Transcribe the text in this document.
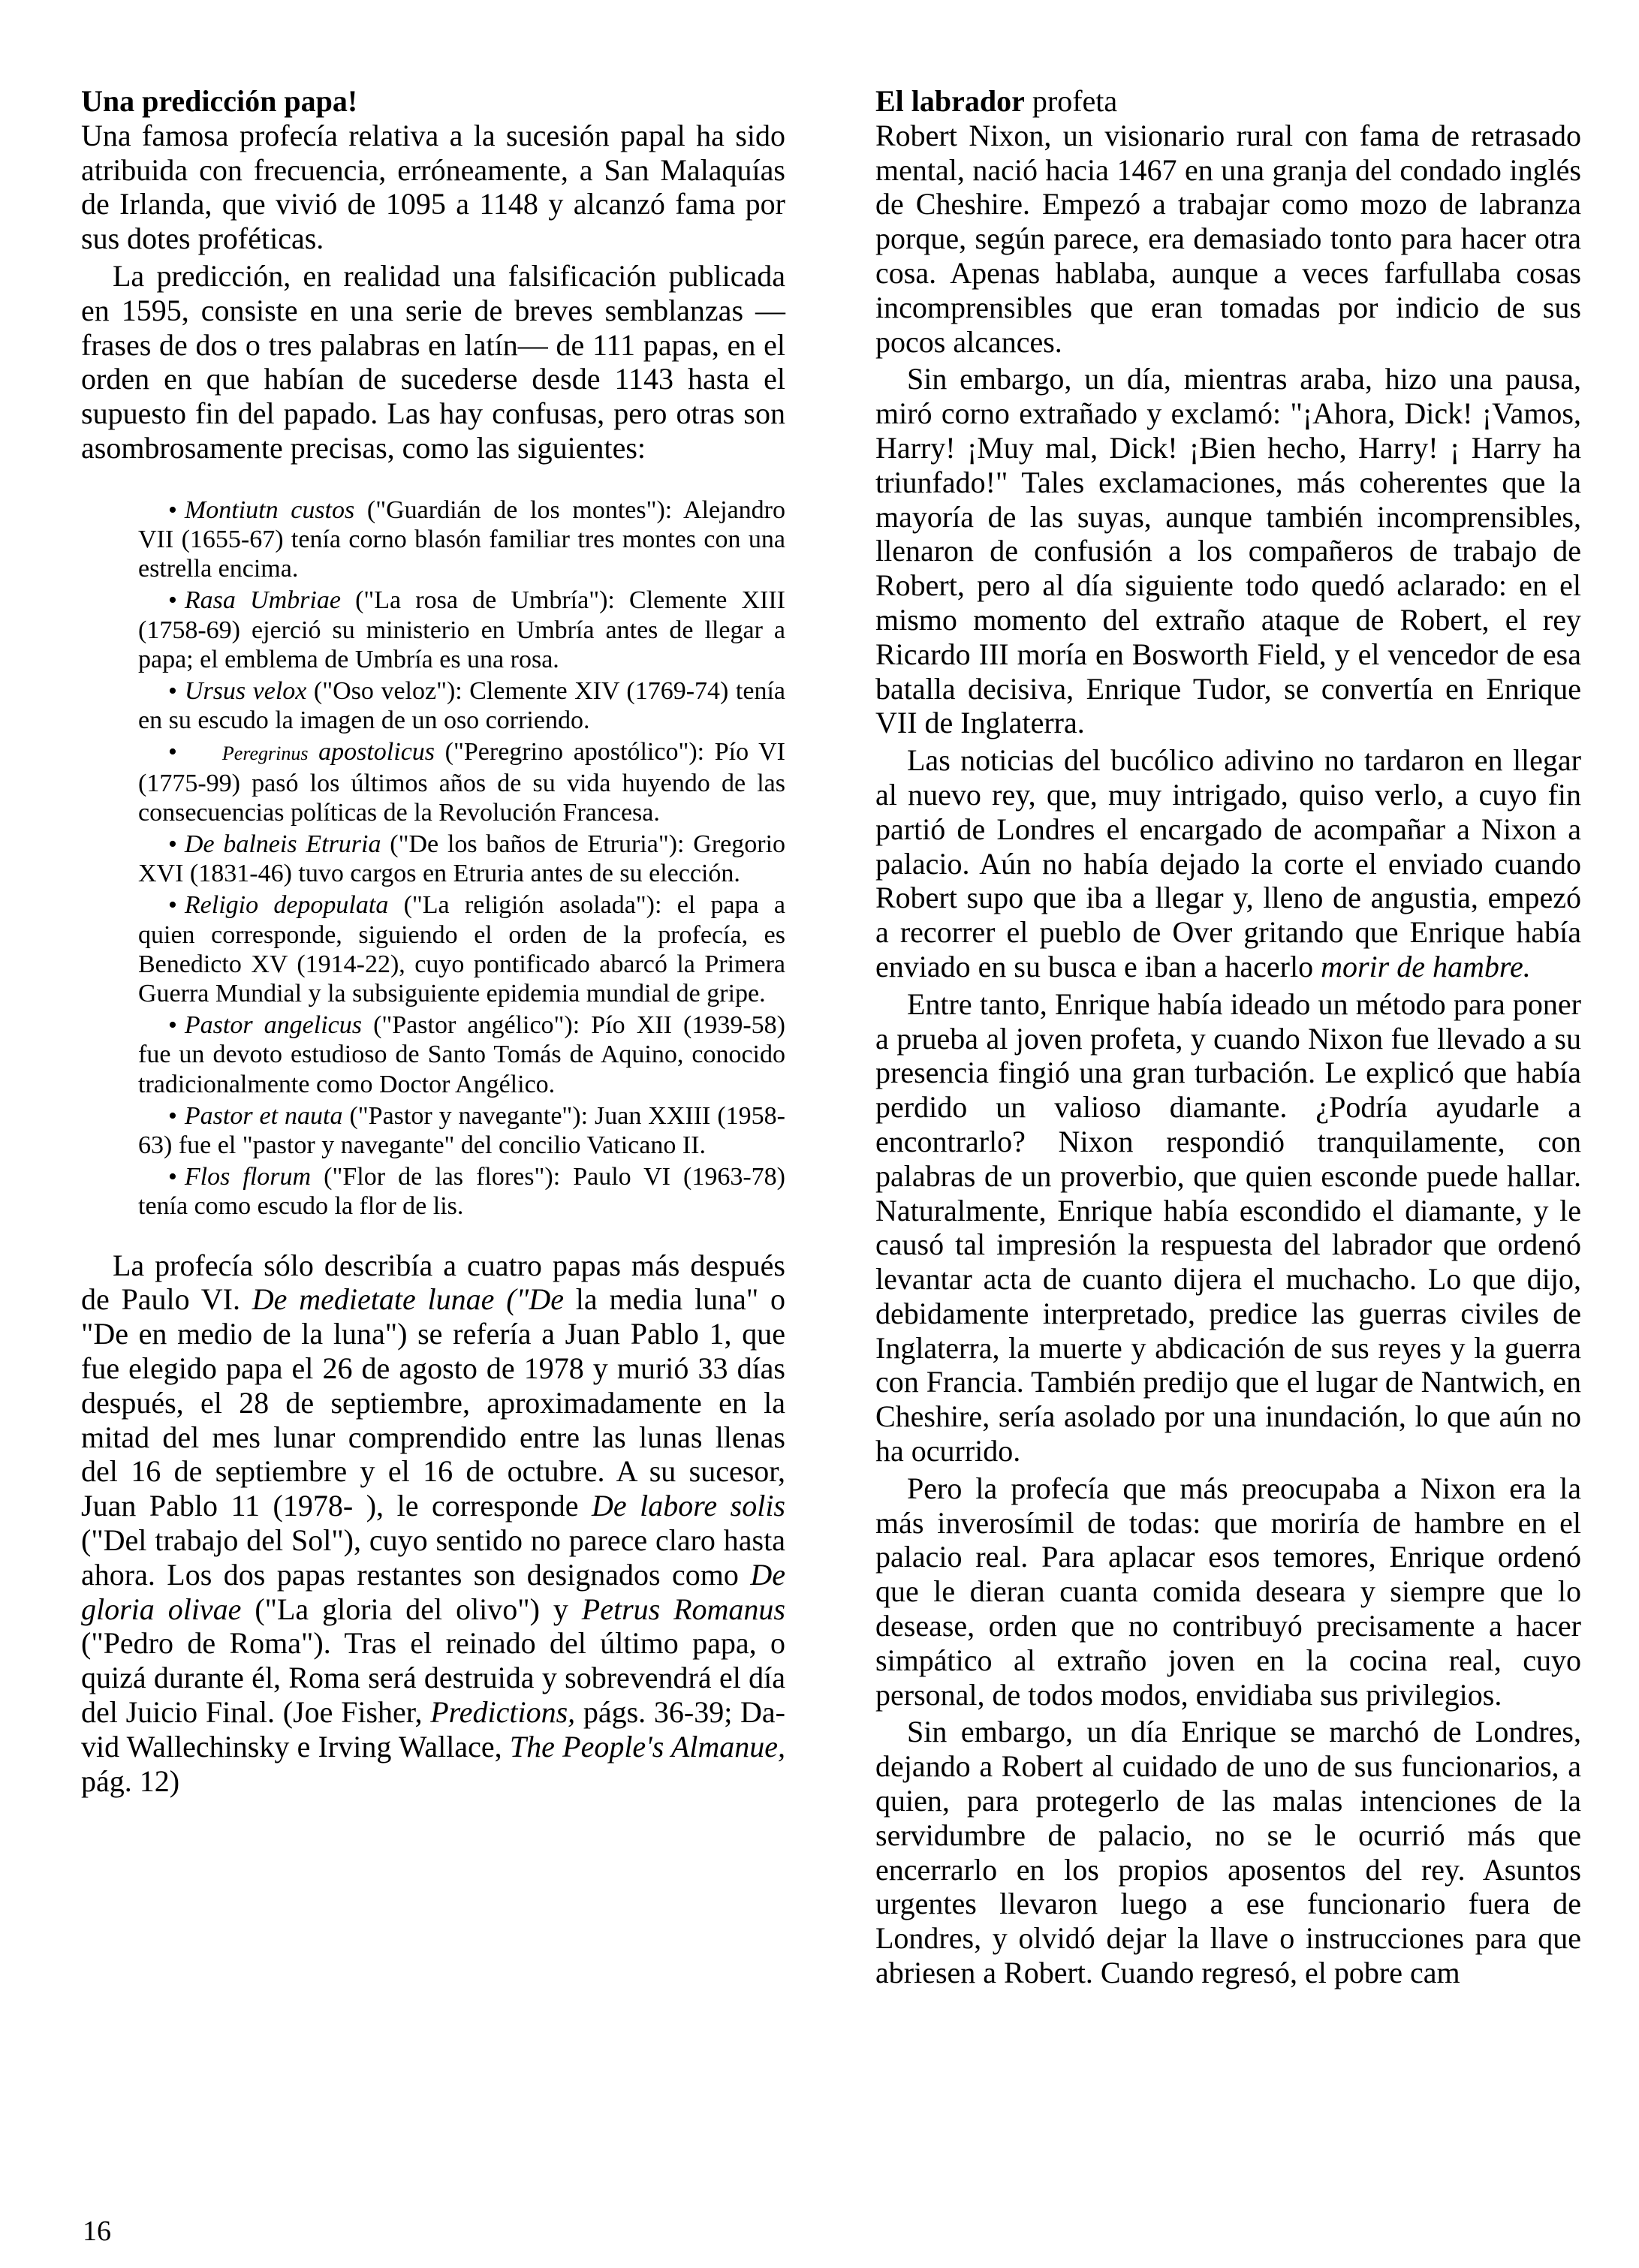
Una predicción papa!

Una famosa profecía relativa a la sucesión papal ha sido atribuida con frecuencia, erróneamente, a San Malaquías de Irlanda, que vivió de 1095 a 1148 y alcanzó fama por sus dotes proféticas.

La predicción, en realidad una falsificación publicada en 1595, consiste en una serie de breves semblanzas —frases de dos o tres palabras en latín— de 111 papas, en el orden en que habían de sucederse desde 1143 hasta el supuesto fin del papado. Las hay confusas, pero otras son asombrosamente precisas, como las siguientes:

• Montiutn custos ("Guardián de los montes"): Alejandro VII (1655-67) tenía corno blasón familiar tres montes con una estrella encima.
• Rasa Umbriae ("La rosa de Umbría"): Clemente XIII (1758-69) ejerció su ministerio en Umbría antes de llegar a papa; el emblema de Umbría es una rosa.
• Ursus velox ("Oso veloz"): Clemente XIV (1769-74) tenía en su escudo la imagen de un oso corriendo.
• Peregrinus apostolicus ("Peregrino apostólico"): Pío VI (1775-99) pasó los últimos años de su vida huyendo de las consecuencias políticas de la Revolución Francesa.
• De balneis Etruria ("De los baños de Etruria"): Gregorio XVI (1831-46) tuvo cargos en Etruria antes de su elección.
• Religio depopulata ("La religión asolada"): el papa a quien corresponde, siguiendo el orden de la profecía, es Benedicto XV (1914-22), cuyo pontificado abarcó la Primera Guerra Mundial y la subsiguiente epidemia mundial de gripe.
• Pastor angelicus ("Pastor angélico"): Pío XII (1939-58) fue un devoto estudioso de Santo Tomás de Aquino, conocido tradicionalmente como Doctor Angélico.
• Pastor et nauta ("Pastor y navegante"): Juan XXIII (1958-63) fue el "pastor y navegante" del concilio Vaticano II.
• Flos florum ("Flor de las flores"): Paulo VI (1963-78) tenía como escudo la flor de lis.

La profecía sólo describía a cuatro papas más después de Paulo VI. De medietate lunae ("De la media luna" o "De en medio de la luna") se refería a Juan Pablo 1, que fue elegido papa el 26 de agosto de 1978 y murió 33 días después, el 28 de septiembre, aproximadamente en la mitad del mes lunar comprendido entre las lunas llenas del 16 de septiembre y el 16 de octubre. A su sucesor, Juan Pablo 11 (1978- ), le corresponde De labore solis ("Del trabajo del Sol"), cuyo sentido no parece claro hasta ahora. Los dos papas restantes son designados como De gloria olivae ("La gloria del olivo") y Petrus Romanus ("Pedro de Roma"). Tras el reinado del último papa, o quizá durante él, Roma será destruida y sobrevendrá el día del Juicio Final. (Joe Fisher, Predictions, págs. 36-39; David Wallechinsky e Irving Wallace, The People's Almanue, pág. 12)

El labrador profeta

Robert Nixon, un visionario rural con fama de retrasado mental, nació hacia 1467 en una granja del condado inglés de Cheshire. Empezó a trabajar como mozo de labranza porque, según parece, era demasiado tonto para hacer otra cosa. Apenas hablaba, aunque a veces farfullaba cosas incomprensibles que eran tomadas por indicio de sus pocos alcances.

Sin embargo, un día, mientras araba, hizo una pausa, miró corno extrañado y exclamó: "¡Ahora, Dick! ¡Vamos, Harry! ¡Muy mal, Dick! ¡Bien hecho, Harry! ¡ Harry ha triunfado!" Tales exclamaciones, más coherentes que la mayoría de las suyas, aunque también incomprensibles, llenaron de confusión a los compañeros de trabajo de Robert, pero al día siguiente todo quedó aclarado: en el mismo momento del extraño ataque de Robert, el rey Ricardo III moría en Bosworth Field, y el vencedor de esa batalla decisiva, Enrique Tudor, se convertía en Enrique VII de Inglaterra.

Las noticias del bucólico adivino no tardaron en llegar al nuevo rey, que, muy intrigado, quiso verlo, a cuyo fin partió de Londres el encargado de acompañar a Nixon a palacio. Aún no había dejado la corte el enviado cuando Robert supo que iba a llegar y, lleno de angustia, empezó a recorrer el pueblo de Over gritando que Enrique había enviado en su busca e iban a hacerlo morir de hambre.

Entre tanto, Enrique había ideado un método para poner a prueba al joven profeta, y cuando Nixon fue llevado a su presencia fingió una gran turbación. Le explicó que había perdido un valioso diamante. ¿Podría ayudarle a encontrarlo? Nixon respondió tranquilamente, con palabras de un proverbio, que quien esconde puede hallar. Naturalmente, Enrique había escondido el diamante, y le causó tal impresión la respuesta del labrador que ordenó levantar acta de cuanto dijera el muchacho. Lo que dijo, debidamente interpretado, predice las guerras civiles de Inglaterra, la muerte y abdicación de sus reyes y la guerra con Francia. También predijo que el lugar de Nantwich, en Cheshire, sería asolado por una inundación, lo que aún no ha ocurrido.

Pero la profecía que más preocupaba a Nixon era la más inverosímil de todas: que moriría de hambre en el palacio real. Para aplacar esos temores, Enrique ordenó que le dieran cuanta comida deseara y siempre que lo desease, orden que no contribuyó precisamente a hacer simpático al extraño joven en la cocina real, cuyo personal, de todos modos, envidiaba sus privilegios.

Sin embargo, un día Enrique se marchó de Londres, dejando a Robert al cuidado de uno de sus funcionarios, a quien, para protegerlo de las malas intenciones de la servidumbre de palacio, no se le ocurrió más que encerrarlo en los propios aposentos del rey. Asuntos urgentes llevaron luego a ese funcionario fuera de Londres, y olvidó dejar la llave o instrucciones para que abriesen a Robert. Cuando regresó, el pobre cam

16
